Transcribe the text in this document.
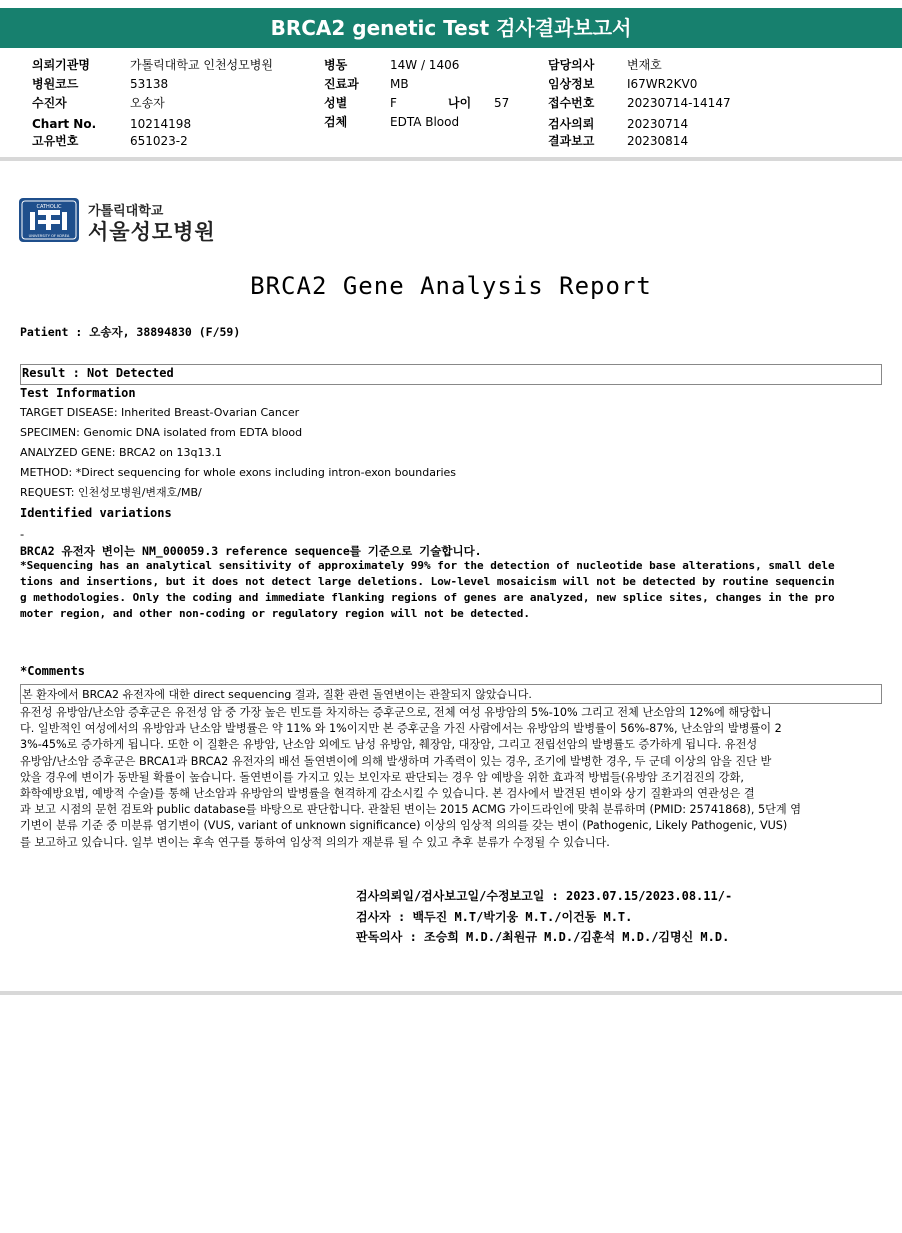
BRCA2 genetic Test 검사결과보고서
의뢰기관명	가톨릭대학교 인천성모병원
병원코드	53138
수진자	오송자
Chart No.	10214198
고유번호	651023-2
병동	14W / 1406
진료과	MB
성별	F	나이 57
검체	EDTA Blood
담당의사	변재호
임상정보	I67WR2KV0
접수번호	20230714-14147
검사의뢰	20230714
결과보고	20230814
CATHOLIC
UNIVERSITY OF KOREA
가톨릭대학교
서울성모병원
BRCA2 Gene Analysis Report
Patient : 오송자, 38894830 (F/59)
Result : Not Detected
Test Information
TARGET DISEASE: Inherited Breast-Ovarian Cancer
SPECIMEN: Genomic DNA isolated from EDTA blood
ANALYZED GENE: BRCA2 on 13q13.1
METHOD: *Direct sequencing for whole exons including intron-exon boundaries
REQUEST: 인천성모병원/변재호/MB/
Identified variations
-
BRCA2 유전자 변이는 NM_000059.3 reference sequence를 기준으로 기술합니다.
*Sequencing has an analytical sensitivity of approximately 99% for the detection of nucleotide base alterations, small dele
tions and insertions, but it does not detect large deletions. Low-level mosaicism will not be detected by routine sequencin
g methodologies. Only the coding and immediate flanking regions of genes are analyzed, new splice sites, changes in the pro
moter region, and other non-coding or regulatory region will not be detected.
*Comments
본 환자에서 BRCA2 유전자에 대한 direct sequencing 결과, 질환 관련 돌연변이는 관찰되지 않았습니다.
유전성 유방암/난소암 증후군은 유전성 암 중 가장 높은 빈도를 차지하는 증후군으로, 전체 여성 유방암의 5%-10% 그리고 전체 난소암의 12%에 해당합니
다. 일반적인 여성에서의 유방암과 난소암 발병률은 약 11% 와 1%이지만 본 증후군을 가진 사람에서는 유방암의 발병률이 56%-87%, 난소암의 발병률이 2
3%-45%로 증가하게 됩니다. 또한 이 질환은 유방암, 난소암 외에도 남성 유방암, 췌장암, 대장암, 그리고 전립선암의 발병률도 증가하게 됩니다. 유전성
유방암/난소암 증후군은 BRCA1과 BRCA2 유전자의 배선 돌연변이에 의해 발생하며 가족력이 있는 경우, 조기에 발병한 경우, 두 군데 이상의 암을 진단 받
았을 경우에 변이가 동반될 확률이 높습니다. 돌연변이를 가지고 있는 보인자로 판단되는 경우 암 예방을 위한 효과적 방법들(유방암 조기검진의 강화,
화학예방요법, 예방적 수술)를 통해 난소암과 유방암의 발병률을 현격하게 감소시킬 수 있습니다. 본 검사에서 발견된 변이와 상기 질환과의 연관성은 결
과 보고 시점의 문헌 검토와 public database를 바탕으로 판단합니다. 관찰된 변이는 2015 ACMG 가이드라인에 맞춰 분류하며 (PMID: 25741868), 5단계 염
기변이 분류 기준 중 미분류 염기변이 (VUS, variant of unknown significance) 이상의 임상적 의의를 갖는 변이 (Pathogenic, Likely Pathogenic, VUS)
를 보고하고 있습니다. 일부 변이는 후속 연구를 통하여 임상적 의의가 재분류 될 수 있고 추후 분류가 수정될 수 있습니다.
검사의뢰일/검사보고일/수정보고일 : 2023.07.15/2023.08.11/-
검사자 : 백두진 M.T/박기웅 M.T./이건동 M.T.
판독의사 : 조승희 M.D./최원규 M.D./김훈석 M.D./김명신 M.D.
